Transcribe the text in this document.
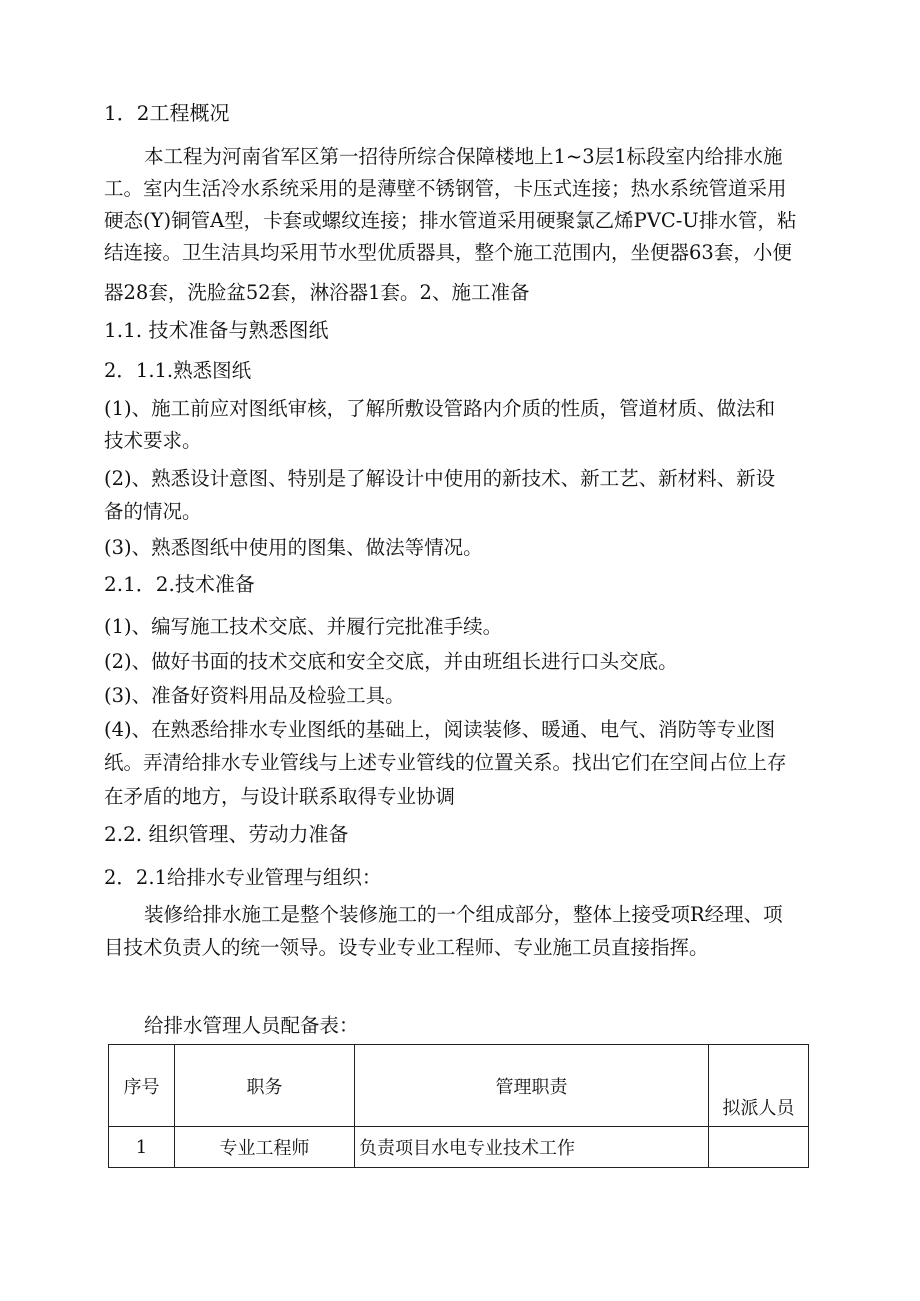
1．2工程概况

本工程为河南省军区第一招待所综合保障楼地上1~3层1标段室内给排水施

工。室内生活冷水系统采用的是薄壁不锈钢管，卡压式连接；热水系统管道采用

硬态(Y)铜管A型，卡套或螺纹连接；排水管道采用硬聚氯乙烯PVC-U排水管，粘

结连接。卫生洁具均采用节水型优质器具，整个施工范围内，坐便器63套，小便

器28套，洗脸盆52套，淋浴器1套。2、施工准备

1.1. 技术准备与熟悉图纸

2．1.1.熟悉图纸

(1)、施工前应对图纸审核，了解所敷设管路内介质的性质，管道材质、做法和

技术要求。

(2)、熟悉设计意图、特别是了解设计中使用的新技术、新工艺、新材料、新设

备的情况。

(3)、熟悉图纸中使用的图集、做法等情况。

2.1．2.技术准备

(1)、编写施工技术交底、并履行完批准手续。

(2)、做好书面的技术交底和安全交底，并由班组长进行口头交底。

(3)、准备好资料用品及检验工具。

(4)、在熟悉给排水专业图纸的基础上，阅读装修、暖通、电气、消防等专业图

纸。弄清给排水专业管线与上述专业管线的位置关系。找出它们在空间占位上存

在矛盾的地方，与设计联系取得专业协调

2.2. 组织管理、劳动力准备

2．2.1给排水专业管理与组织：

装修给排水施工是整个装修施工的一个组成部分，整体上接受项R经理、项

目技术负责人的统一领导。设专业专业工程师、专业施工员直接指挥。

给排水管理人员配备表：

序号	职务	管理职责	拟派人员
1	专业工程师	负责项目水电专业技术工作	
